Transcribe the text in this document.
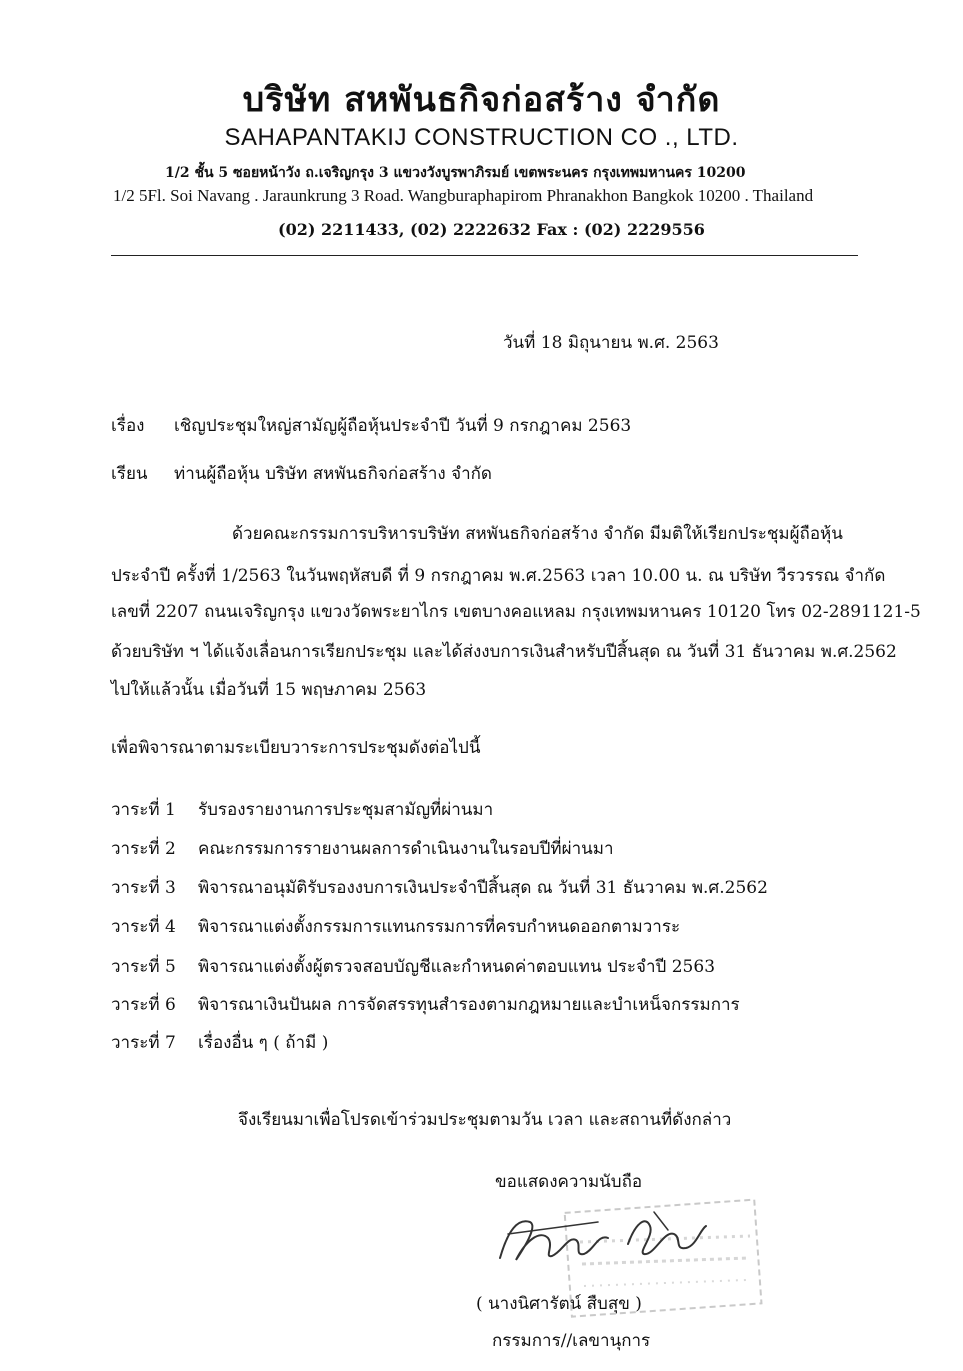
บริษัท สหพันธกิจก่อสร้าง จำกัด
SAHAPANTAKIJ CONSTRUCTION CO ., LTD.
1/2 ชั้น 5 ซอยหน้าวัง ถ.เจริญกรุง 3 แขวงวังบูรพาภิรมย์ เขตพระนคร กรุงเทพมหานคร 10200
1/2 5Fl. Soi Navang . Jaraunkrung 3 Road. Wangburaphapirom Phranakhon Bangkok 10200 . Thailand
(02) 2211433, (02) 2222632 Fax : (02) 2229556
วันที่ 18 มิถุนายน พ.ศ. 2563
เรื่อง เชิญประชุมใหญ่สามัญผู้ถือหุ้นประจำปี วันที่ 9 กรกฎาคม 2563
เรียน ท่านผู้ถือหุ้น บริษัท สหพันธกิจก่อสร้าง จำกัด
ด้วยคณะกรรมการบริหารบริษัท สหพันธกิจก่อสร้าง จำกัด มีมติให้เรียกประชุมผู้ถือหุ้น
ประจำปี ครั้งที่ 1/2563 ในวันพฤหัสบดี ที่ 9 กรกฎาคม พ.ศ.2563 เวลา 10.00 น. ณ บริษัท วีรวรรณ จำกัด
เลขที่ 2207 ถนนเจริญกรุง แขวงวัดพระยาไกร เขตบางคอแหลม กรุงเทพมหานคร 10120 โทร 02-2891121-5
ด้วยบริษัท ฯ ได้แจ้งเลื่อนการเรียกประชุม และได้ส่งงบการเงินสำหรับปีสิ้นสุด ณ วันที่ 31 ธันวาคม พ.ศ.2562
ไปให้แล้วนั้น เมื่อวันที่ 15 พฤษภาคม 2563
เพื่อพิจารณาตามระเบียบวาระการประชุมดังต่อไปนี้
วาระที่ 1 รับรองรายงานการประชุมสามัญที่ผ่านมา
วาระที่ 2 คณะกรรมการรายงานผลการดำเนินงานในรอบปีที่ผ่านมา
วาระที่ 3 พิจารณาอนุมัติรับรองงบการเงินประจำปีสิ้นสุด ณ วันที่ 31 ธันวาคม พ.ศ.2562
วาระที่ 4 พิจารณาแต่งตั้งกรรมการแทนกรรมการที่ครบกำหนดออกตามวาระ
วาระที่ 5 พิจารณาแต่งตั้งผู้ตรวจสอบบัญชีและกำหนดค่าตอบแทน ประจำปี 2563
วาระที่ 6 พิจารณาเงินปันผล การจัดสรรทุนสำรองตามกฎหมายและบำเหน็จกรรมการ
วาระที่ 7 เรื่องอื่น ๆ ( ถ้ามี )
จึงเรียนมาเพื่อโปรดเข้าร่วมประชุมตามวัน เวลา และสถานที่ดังกล่าว
ขอแสดงความนับถือ
( นางนิศารัตน์ สืบสุข )
กรรมการ//เลขานุการ
